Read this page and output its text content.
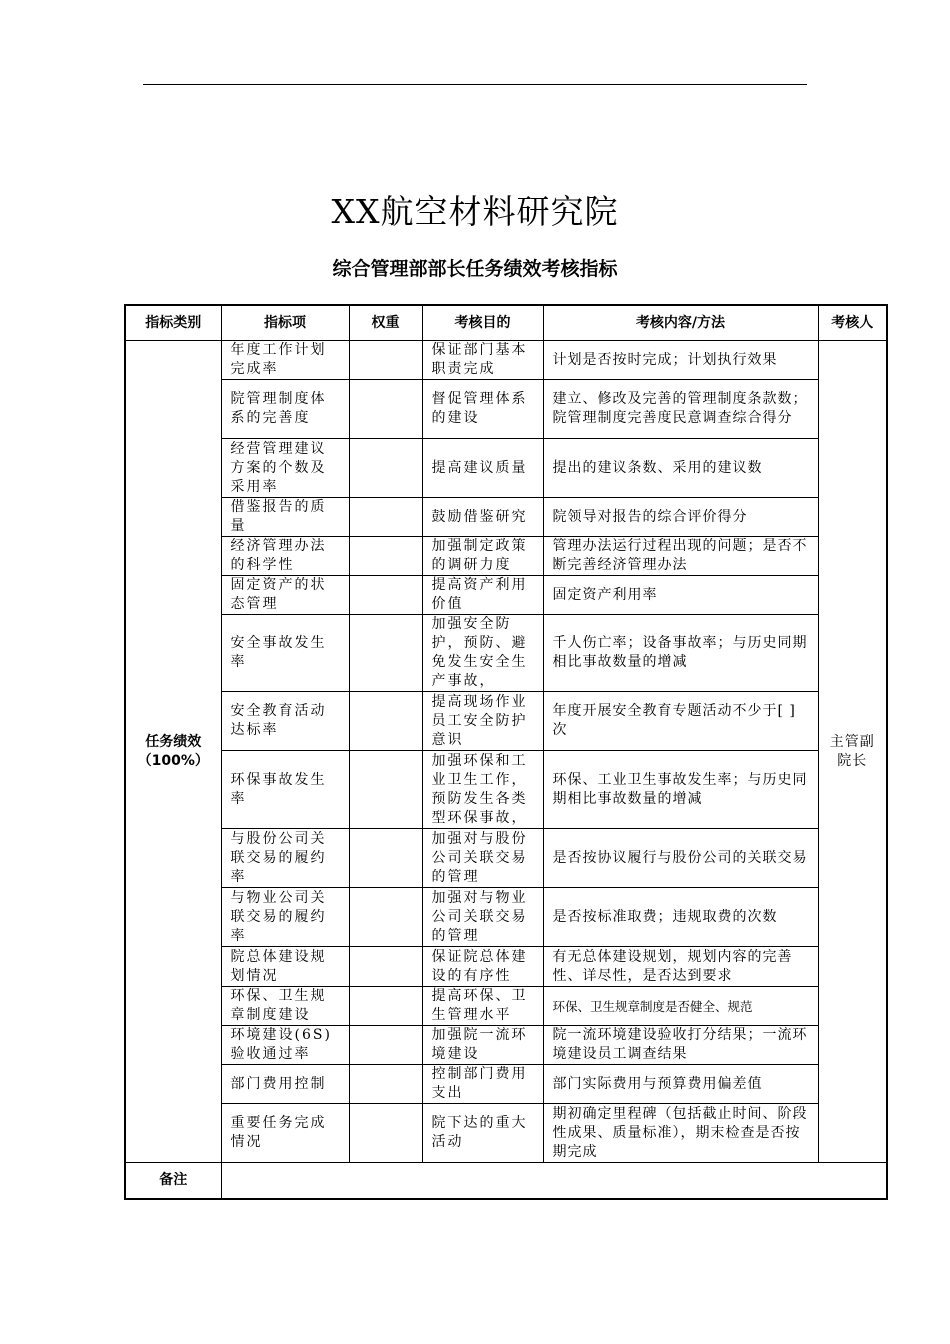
XX航空材料研究院
综合管理部部长任务绩效考核指标
指标类别	指标项	权重	考核目的	考核内容/方法	考核人
任务绩效
（100%）	年度工作计划完成率		保证部门基本职责完成	计划是否按时完成；计划执行效果	主管副院长
	院管理制度体系的完善度		督促管理体系的建设	建立、修改及完善的管理制度条款数；院管理制度完善度民意调查综合得分	
	经营管理建议方案的个数及采用率		提高建议质量	提出的建议条数、采用的建议数	
	借鉴报告的质量		鼓励借鉴研究	院领导对报告的综合评价得分	
	经济管理办法的科学性		加强制定政策的调研力度	管理办法运行过程出现的问题；是否不断完善经济管理办法	
	固定资产的状态管理		提高资产利用价值	固定资产利用率	
	安全事故发生率		加强安全防护，预防、避免发生安全生产事故，	千人伤亡率；设备事故率；与历史同期相比事故数量的增减	
	安全教育活动达标率		提高现场作业员工安全防护意识	年度开展安全教育专题活动不少于[ ]次	
	环保事故发生率		加强环保和工业卫生工作，预防发生各类型环保事故，	环保、工业卫生事故发生率；与历史同期相比事故数量的增减	
	与股份公司关联交易的履约率		加强对与股份公司关联交易的管理	是否按协议履行与股份公司的关联交易	
	与物业公司关联交易的履约率		加强对与物业公司关联交易的管理	是否按标准取费；违规取费的次数	
	院总体建设规划情况		保证院总体建设的有序性	有无总体建设规划，规划内容的完善性、详尽性，是否达到要求	
	环保、卫生规章制度建设		提高环保、卫生管理水平	环保、卫生规章制度是否健全、规范	
	环境建设(6S)验收通过率		加强院一流环境建设	院一流环境建设验收打分结果；一流环境建设员工调查结果	
	部门费用控制		控制部门费用支出	部门实际费用与预算费用偏差值	
	重要任务完成情况		院下达的重大活动	期初确定里程碑（包括截止时间、阶段性成果、质量标准），期末检查是否按期完成	
备注					
